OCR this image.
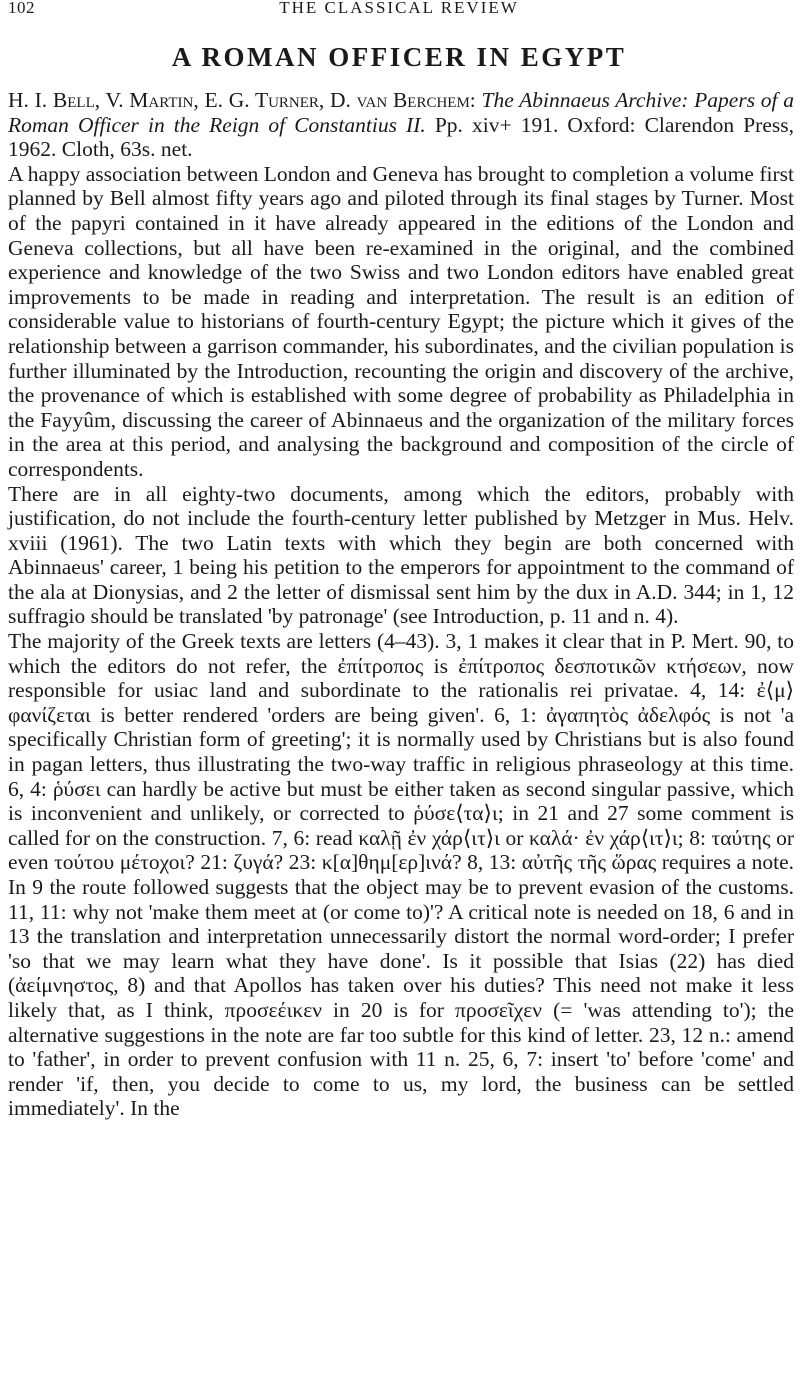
102	THE CLASSICAL REVIEW
A ROMAN OFFICER IN EGYPT

H. I. Bell, V. Martin, E. G. Turner, D. van Berchem: The Abinnaeus Archive: Papers of a Roman Officer in the Reign of Constantius II. Pp. xiv+ 191. Oxford: Clarendon Press, 1962. Cloth, 63s. net.

A happy association between London and Geneva has brought to completion a volume first planned by Bell almost fifty years ago and piloted through its final stages by Turner. Most of the papyri contained in it have already appeared in the editions of the London and Geneva collections, but all have been re-examined in the original, and the combined experience and knowledge of the two Swiss and two London editors have enabled great improvements to be made in reading and interpretation. The result is an edition of considerable value to historians of fourth-century Egypt; the picture which it gives of the relationship between a garrison commander, his subordinates, and the civilian population is further illuminated by the Introduction, recounting the origin and discovery of the archive, the provenance of which is established with some degree of probability as Philadelphia in the Fayyûm, discussing the career of Abinnaeus and the organization of the military forces in the area at this period, and analysing the background and composition of the circle of correspondents.

There are in all eighty-two documents, among which the editors, probably with justification, do not include the fourth-century letter published by Metzger in Mus. Helv. xviii (1961). The two Latin texts with which they begin are both concerned with Abinnaeus' career, 1 being his petition to the emperors for appointment to the command of the ala at Dionysias, and 2 the letter of dismissal sent him by the dux in A.D. 344; in 1, 12 suffragio should be translated 'by patronage' (see Introduction, p. 11 and n. 4).

The majority of the Greek texts are letters (4–43). 3, 1 makes it clear that in P. Mert. 90, to which the editors do not refer, the ἐπίτροπος is ἐπίτροπος δεσποτικῶν κτήσεων, now responsible for usiac land and subordinate to the rationalis rei privatae. 4, 14: ἐ⟨μ⟩φανίζεται is better rendered 'orders are being given'. 6, 1: ἀγαπητὸς ἀδελφός is not 'a specifically Christian form of greeting'; it is normally used by Christians but is also found in pagan letters, thus illustrating the two-way traffic in religious phraseology at this time. 6, 4: ῥύσει can hardly be active but must be either taken as second singular passive, which is inconvenient and unlikely, or corrected to ῥύσε⟨τα⟩ι; in 21 and 27 some comment is called for on the construction. 7, 6: read καλῇ ἐν χάρ⟨ιτ⟩ι or καλά· ἐν χάρ⟨ιτ⟩ι; 8: ταύτης or even τούτου μέτοχοι? 21: ζυγά? 23: κ[α]θημ[ερ]ινά? 8, 13: αὐτῆς τῆς ὥρας requires a note. In 9 the route followed suggests that the object may be to prevent evasion of the customs. 11, 11: why not 'make them meet at (or come to)'? A critical note is needed on 18, 6 and in 13 the translation and interpretation unnecessarily distort the normal word-order; I prefer 'so that we may learn what they have done'. Is it possible that Isias (22) has died (ἀείμνηστος, 8) and that Apollos has taken over his duties? This need not make it less likely that, as I think, προσεέικεν in 20 is for προσεῖχεν (= 'was attending to'); the alternative suggestions in the note are far too subtle for this kind of letter. 23, 12 n.: amend to 'father', in order to prevent confusion with 11 n. 25, 6, 7: insert 'to' before 'come' and render 'if, then, you decide to come to us, my lord, the business can be settled immediately'. In the
